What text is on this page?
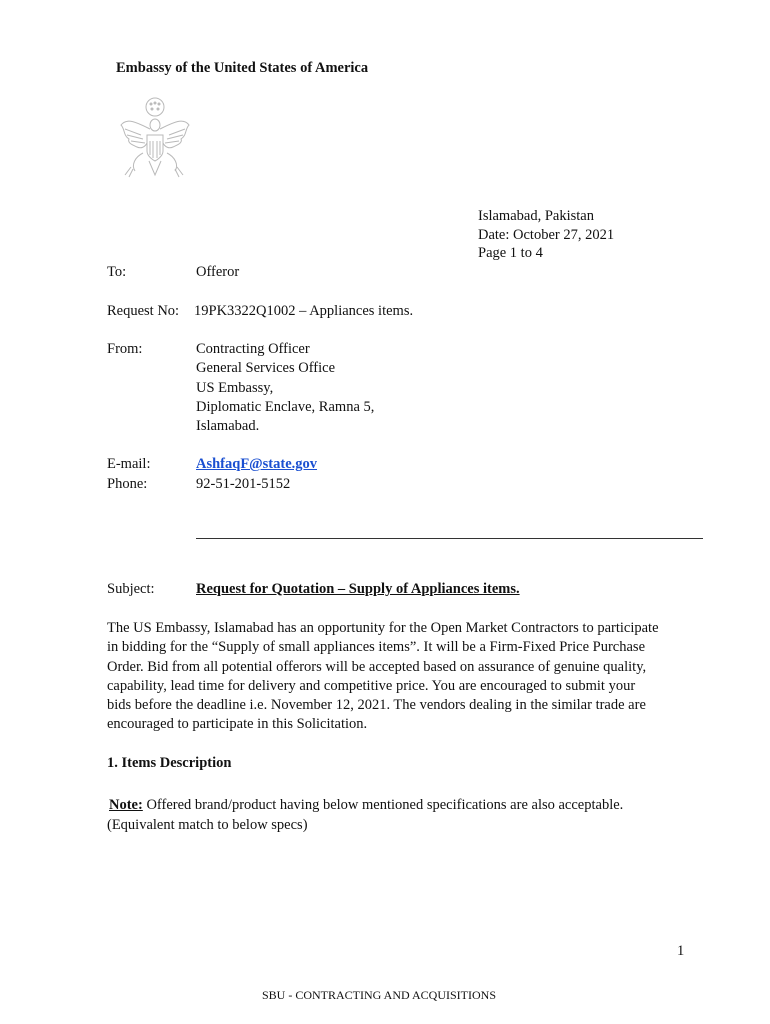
Embassy of the United States of America
Islamabad, Pakistan
Date: October 27, 2021
Page 1 to 4
To:	Offeror
Request No: 19PK3322Q1002 – Appliances items.
From:	Contracting Officer
General Services Office
US Embassy,
Diplomatic Enclave, Ramna 5,
Islamabad.
E-mail:	AshfaqF@state.gov
Phone:	92-51-201-5152
Subject:	Request for Quotation – Supply of Appliances items.
The US Embassy, Islamabad has an opportunity for the Open Market Contractors to participate
in bidding for the “Supply of small appliances items”. It will be a Firm-Fixed Price Purchase
Order. Bid from all potential offerors will be accepted based on assurance of genuine quality,
capability, lead time for delivery and competitive price. You are encouraged to submit your
bids before the deadline i.e. November 12, 2021. The vendors dealing in the similar trade are
encouraged to participate in this Solicitation.
1. Items Description
Note: Offered brand/product having below mentioned specifications are also acceptable.
(Equivalent match to below specs)
1
SBU - CONTRACTING AND ACQUISITIONS
